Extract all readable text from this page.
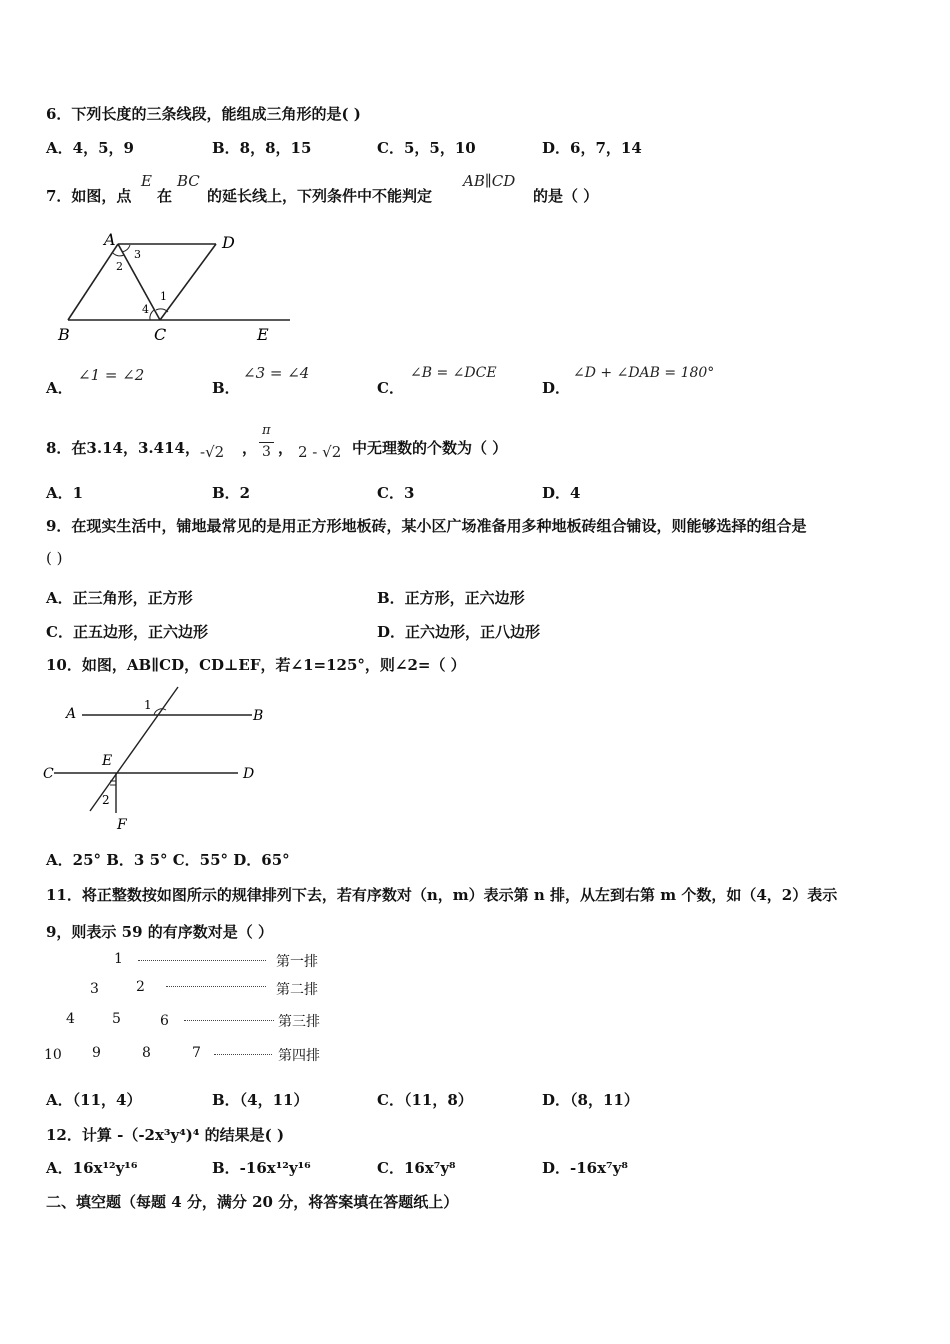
6．下列长度的三条线段，能组成三角形的是( )
A．4，5，9	B．8，8，15	C．5，5，10	D．6，7，14
7．如图，点
E
在
BC
的延长线上，下列条件中不能判定
AB∥CD
的是（ ）
A	D
B	C	E
1
2
3
4
A．
∠1 = ∠2
B．
∠3 = ∠4
C．
∠B = ∠DCE
D．
∠D + ∠DAB = 180°
8．在3.14，3.414， -√2 ，
π
3 ， 2 - √2 中无理数的个数为（ ）
A．1	B．2	C．3	D．4
9．在现实生活中，铺地最常见的是用正方形地板砖，某小区广场准备用多种地板砖组合铺设，则能够选择的组合是
( )
A．正三角形，正方形	B．正方形，正六边形
C．正五边形，正六边形	D．正六边形，正八边形
10．如图，AB∥CD，CD⊥EF，若∠1=125°，则∠2=（ ）
A	B
C	D
E
F
1
2
A．25° B．3 5° C．55° D．65°
11．将正整数按如图所示的规律排列下去，若有序数对（n，m）表示第 n 排，从左到右第 m 个数，如（4，2）表示
9，则表示 59 的有序数对是（ ）
1	第一排
3	2	第二排
4	5	6	第三排
10 9	8	7	第四排
A．（11，4）	B．（4，11）	C．（11，8）	D．（8，11）
12．计算 -（-2x³y⁴)⁴ 的结果是( )
A．16x¹²y¹⁶	B．-16x¹²y¹⁶	C．16x⁷y⁸	D．-16x⁷y⁸
二、填空题（每题 4 分，满分 20 分，将答案填在答题纸上）
